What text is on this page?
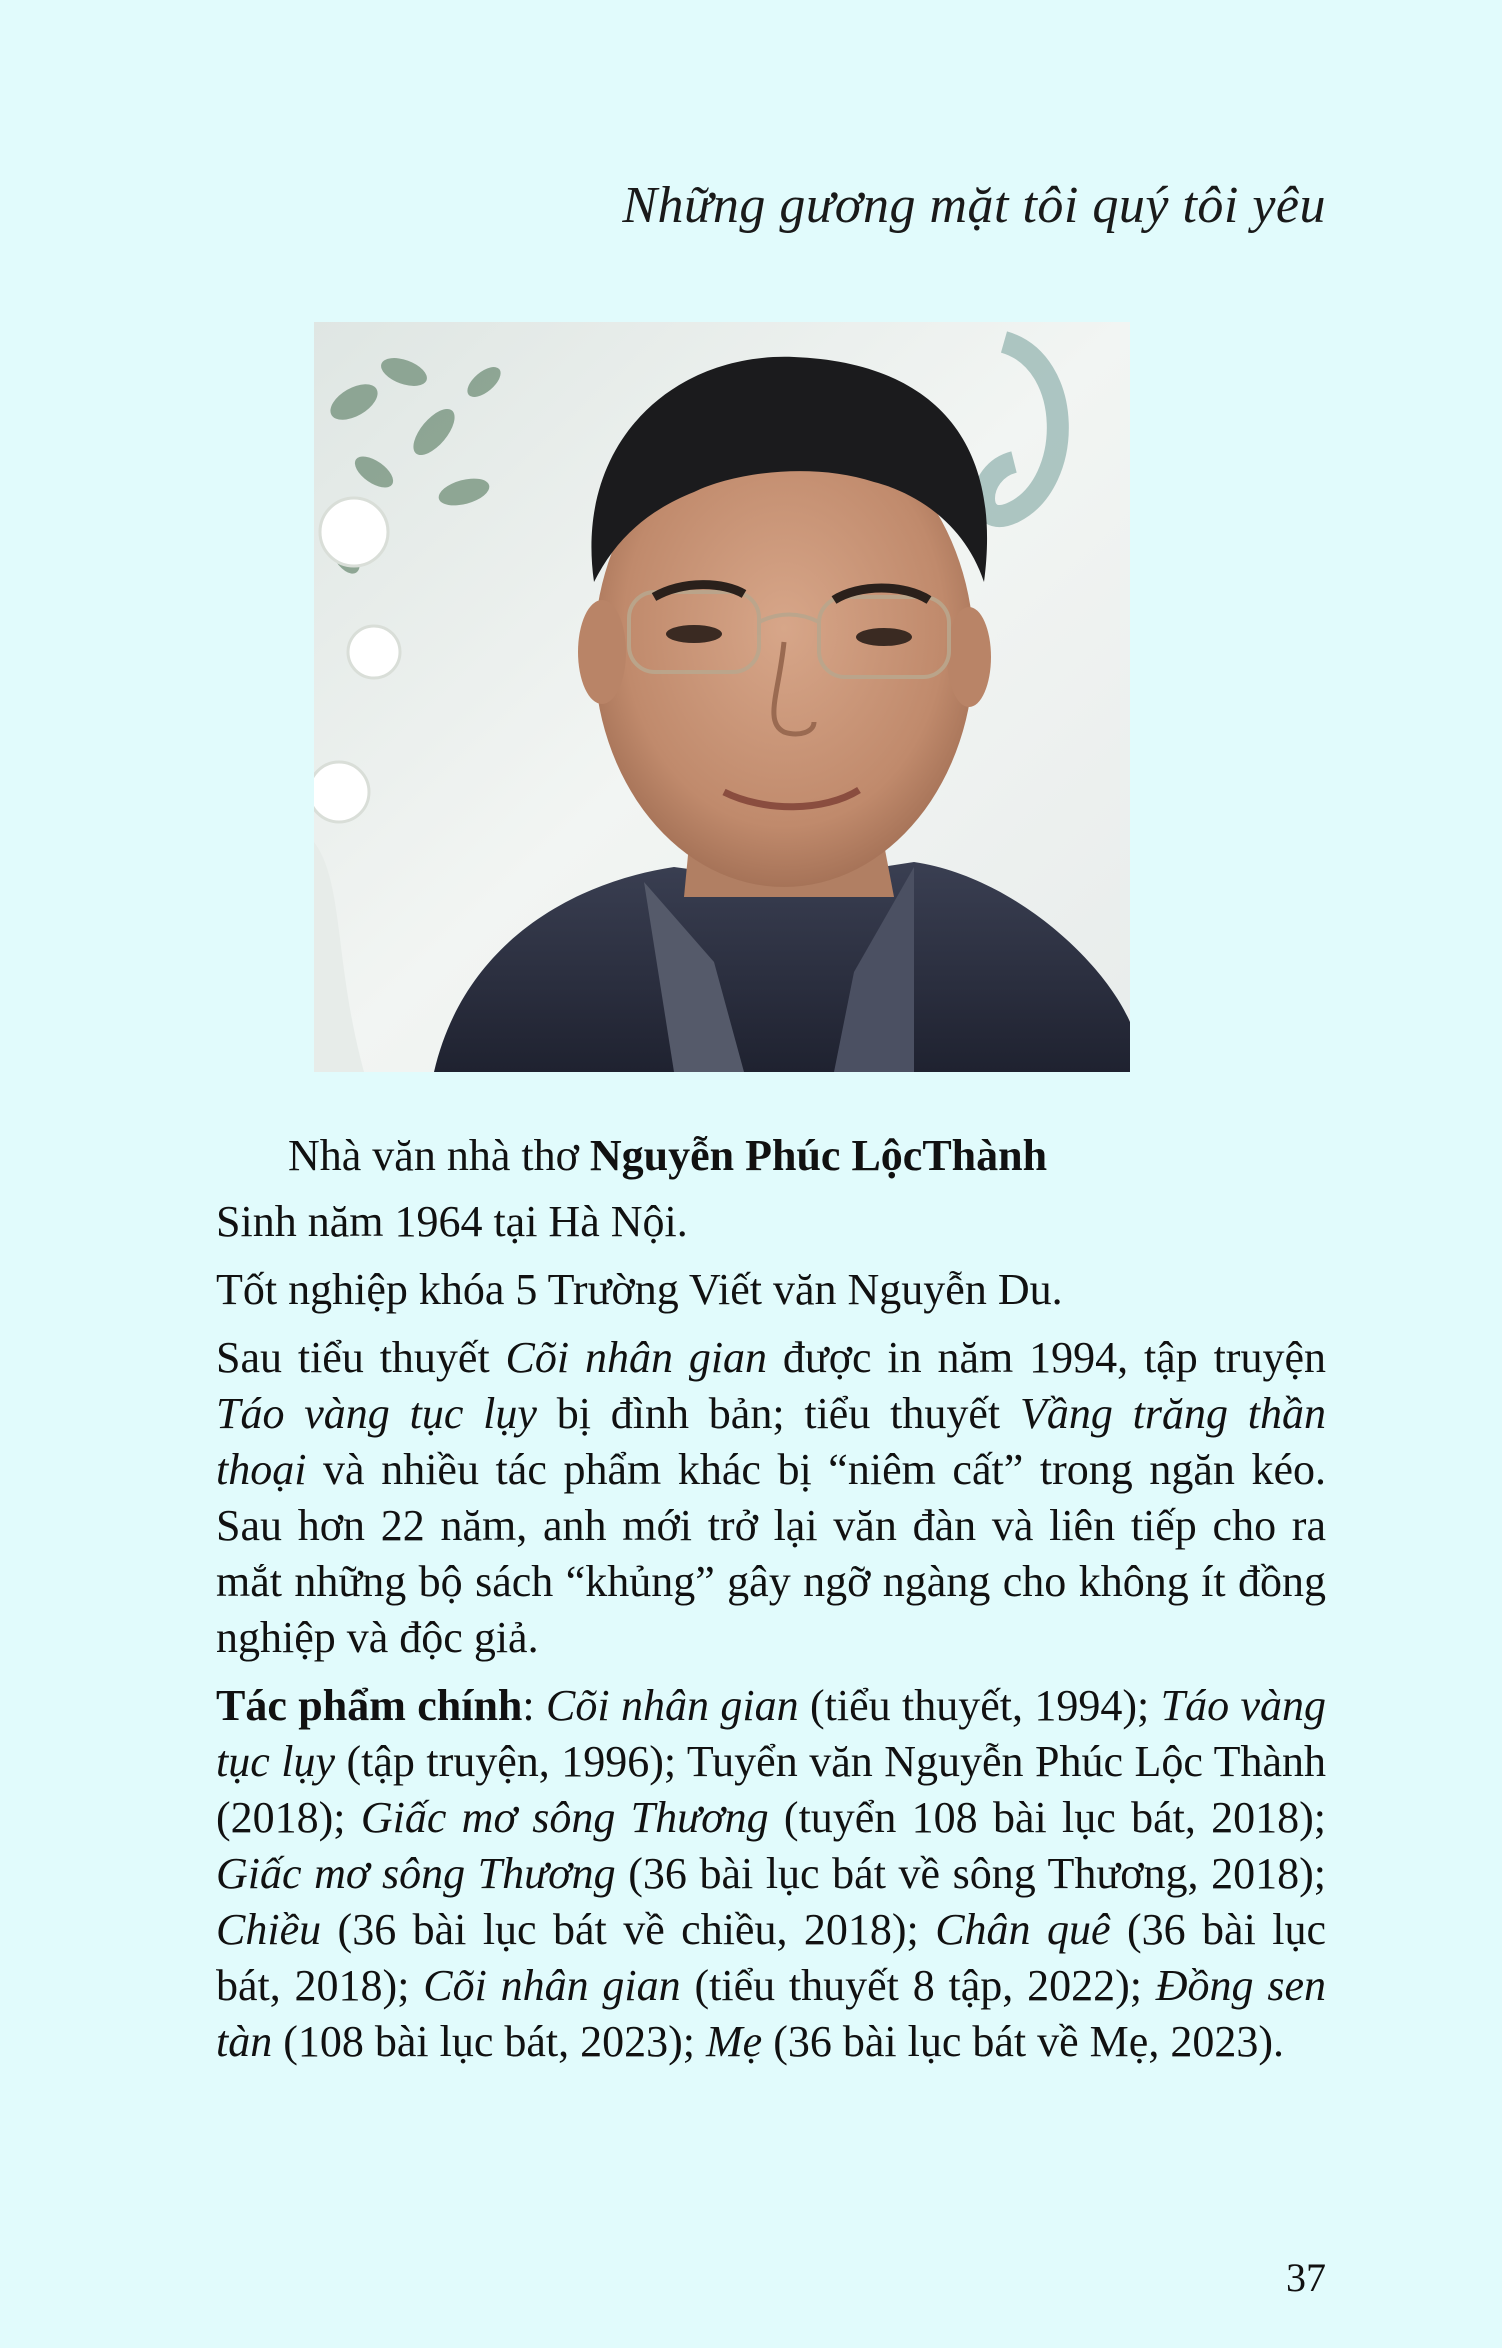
Những gương mặt tôi quý tôi yêu

Nhà văn nhà thơ Nguyễn Phúc LộcThành

Sinh năm 1964 tại Hà Nội.

Tốt nghiệp khóa 5 Trường Viết văn Nguyễn Du.

Sau tiểu thuyết Cõi nhân gian được in năm 1994, tập truyện Táo vàng tục lụy bị đình bản; tiểu thuyết Vầng trăng thần thoại và nhiều tác phẩm khác bị “niêm cất” trong ngăn kéo. Sau hơn 22 năm, anh mới trở lại văn đàn và liên tiếp cho ra mắt những bộ sách “khủng” gây ngỡ ngàng cho không ít đồng nghiệp và độc giả.

Tác phẩm chính: Cõi nhân gian (tiểu thuyết, 1994); Táo vàng tục lụy (tập truyện, 1996); Tuyển văn Nguyễn Phúc Lộc Thành (2018); Giấc mơ sông Thương (tuyển 108 bài lục bát, 2018); Giấc mơ sông Thương (36 bài lục bát về sông Thương, 2018); Chiều (36 bài lục bát về chiều, 2018); Chân quê (36 bài lục bát, 2018); Cõi nhân gian (tiểu thuyết 8 tập, 2022); Đồng sen tàn (108 bài lục bát, 2023); Mẹ (36 bài lục bát về Mẹ, 2023).

37
